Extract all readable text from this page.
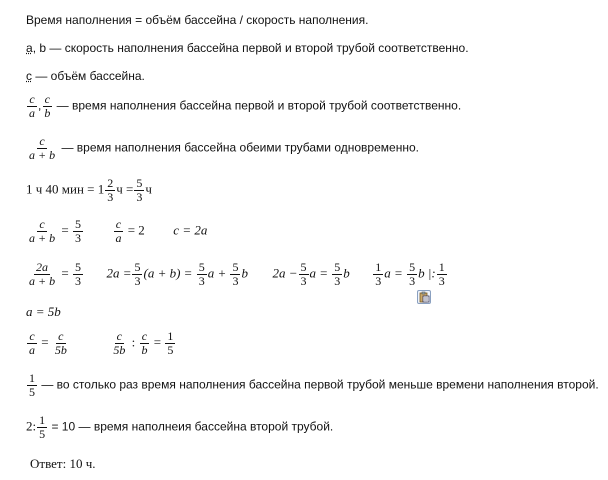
Время наполнения = объём бассейна / скорость наполнения.
a, b — скорость наполнения бассейна первой и второй трубой соответственно.
c — объём бассейна.
$\frac{c}{a}$ , $\frac{c}{b}$ — время наполнения бассейна первой и второй трубой соответственно.
$\frac{c}{a + b}$ — время наполнения бассейна обеими трубами одновременно.
1 ч 40 мин = $1 \frac{2}{3}$ $ч = \frac{5}{3}$ ч
$\frac{c}{a + b} = \frac{5}{3}$
	$\frac{c}{a} = 2$ c = 2a
$\frac{2a}{a + b} = \frac{5}{3} 2a = \frac{5}{3} (a + b) = \frac{5}{3}$ $a + \frac{5}{3}$ b $2a - \frac{5}{3}$ $a = \frac{5}{3}$ b $\frac{1}{3}$ $a = \frac{5}{3}$ b |: $\frac{1}{3}$
a = 5b
$\frac{c}{a} = \frac{c}{5b}$
	$\frac{c}{5b}$ : $\frac{c}{b} = \frac{1}{5}$
$\frac{1}{5}$ — во столько раз время наполнения бассейна первой трубой меньше времени наполнения второй.
2: $\frac{1}{5} = 10$ — время наполнеия бассейна второй трубой.
Ответ: 10 ч.
